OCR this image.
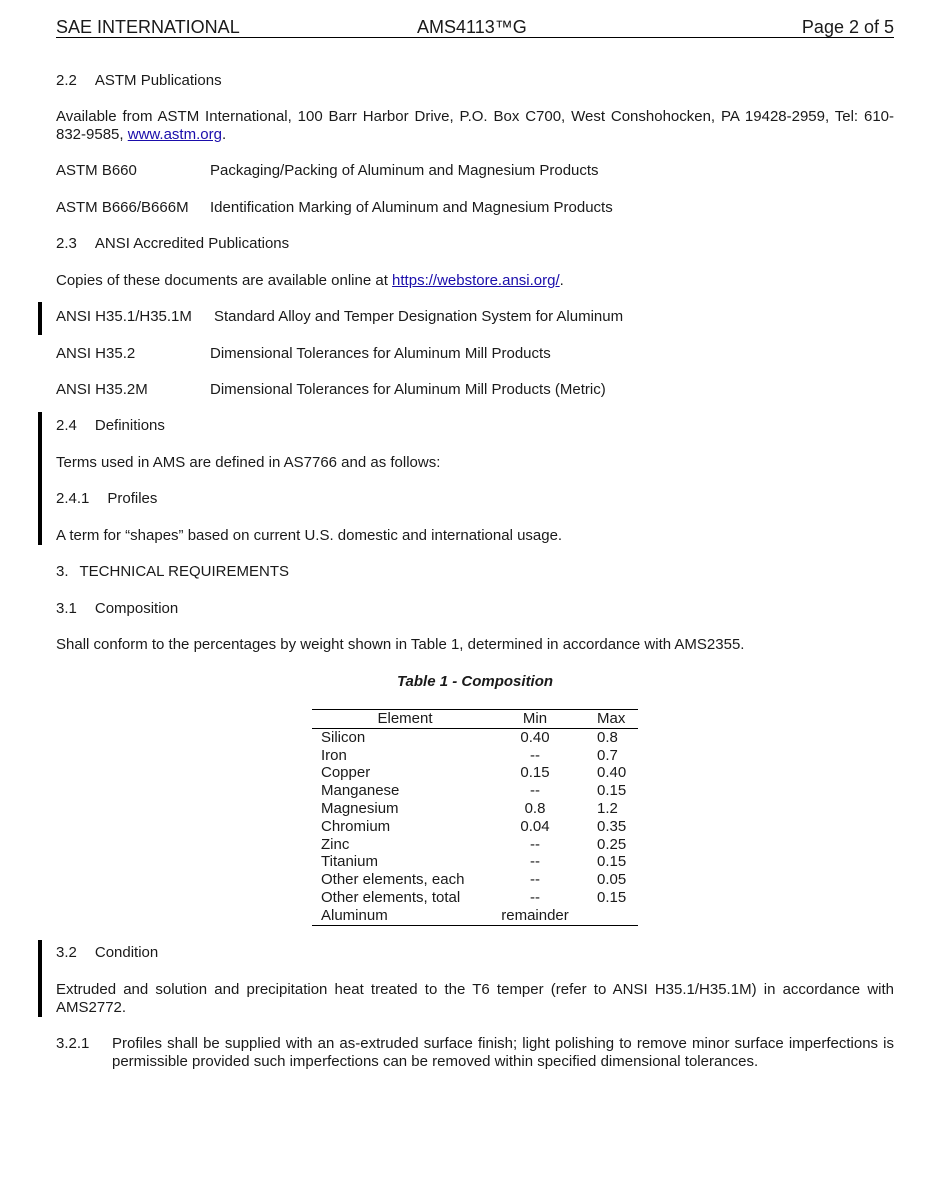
SAE INTERNATIONAL	AMS4113™G	Page 2 of 5
2.2 ASTM Publications
Available from ASTM International, 100 Barr Harbor Drive, P.O. Box C700, West Conshohocken, PA 19428-2959, Tel: 610-832-9585, www.astm.org.
ASTM B660	Packaging/Packing of Aluminum and Magnesium Products
ASTM B666/B666M Identification Marking of Aluminum and Magnesium Products
2.3 ANSI Accredited Publications
Copies of these documents are available online at https://webstore.ansi.org/.
ANSI H35.1/H35.1M Standard Alloy and Temper Designation System for Aluminum
ANSI H35.2	Dimensional Tolerances for Aluminum Mill Products
ANSI H35.2M	Dimensional Tolerances for Aluminum Mill Products (Metric)
2.4 Definitions
Terms used in AMS are defined in AS7766 and as follows:
2.4.1 Profiles
A term for “shapes” based on current U.S. domestic and international usage.
3. TECHNICAL REQUIREMENTS
3.1 Composition
Shall conform to the percentages by weight shown in Table 1, determined in accordance with AMS2355.
Table 1 - Composition
Element	Min	Max
Silicon	0.40	0.8
Iron	--	0.7
Copper	0.15	0.40
Manganese	--	0.15
Magnesium	0.8	1.2
Chromium	0.04	0.35
Zinc	--	0.25
Titanium	--	0.15
Other elements, each	--	0.05
Other elements, total	--	0.15
Aluminum	remainder	
3.2 Condition
Extruded and solution and precipitation heat treated to the T6 temper (refer to ANSI H35.1/H35.1M) in accordance with AMS2772.
3.2.1 Profiles shall be supplied with an as-extruded surface finish; light polishing to remove minor surface imperfections is permissible provided such imperfections can be removed within specified dimensional tolerances.
